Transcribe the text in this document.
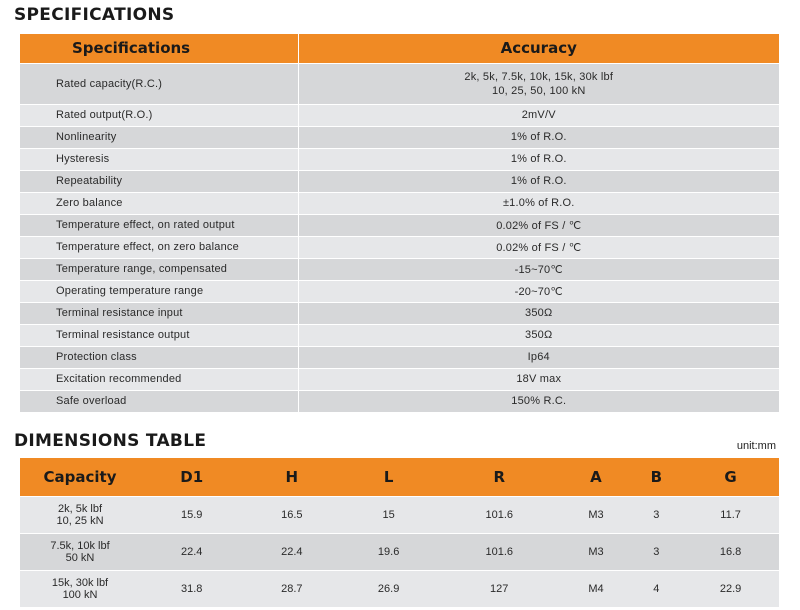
SPECIFICATIONS
Specifications	Accuracy
Rated capacity(R.C.)	2k, 5k, 7.5k, 10k, 15k, 30k lbf
10, 25, 50, 100 kN

Rated output(R.O.)	2mV/V
Nonlinearity	1% of R.O.
Hysteresis	1% of R.O.
Repeatability	1% of R.O.
Zero balance	±1.0% of R.O.
Temperature effect, on rated output	0.02% of FS / ℃
Temperature effect, on zero balance	0.02% of FS / ℃
Temperature range, compensated	-15~70℃
Operating temperature range	-20~70℃
Terminal resistance input	350Ω
Terminal resistance output	350Ω
Protection class	Ip64
Excitation recommended	18V max
Safe overload	150% R.C.
DIMENSIONS TABLE	unit:mm
Capacity	D1	H	L	R	A	B	G

2k, 5k lbf
10, 25 kN	15.9	16.5	15	101.6	M3	3	11.7

7.5k, 10k lbf
50 kN	22.4	22.4	19.6	101.6	M3	3	16.8

15k, 30k lbf
100 kN	31.8	28.7	26.9	127	M4	4	22.9
